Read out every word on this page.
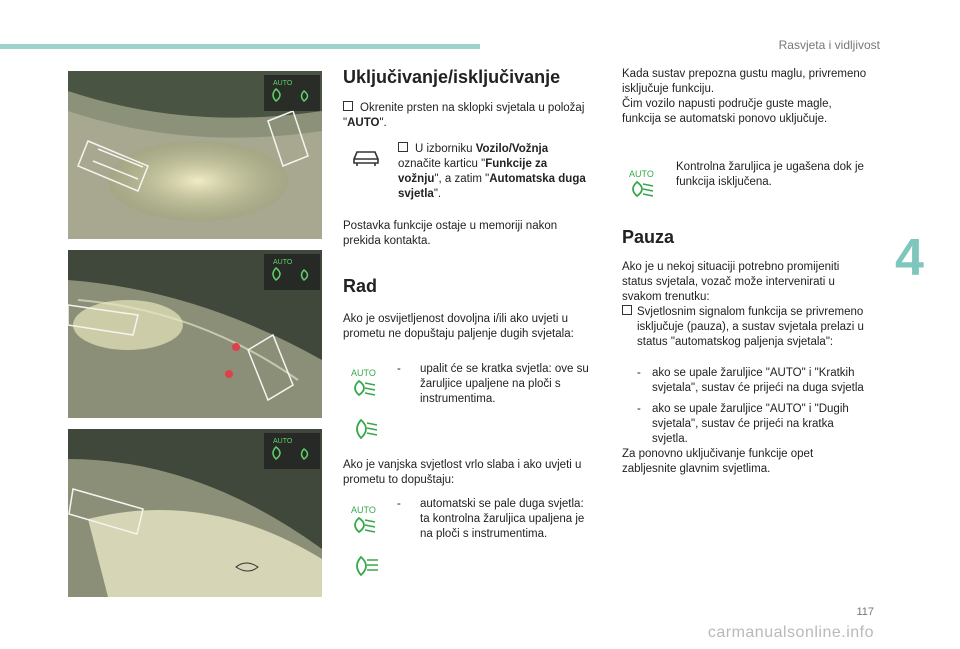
Rasvjeta i vidljivost
4
AUTO
AUTO
AUTO
Uključivanje/isključivanje
Okrenite prsten na sklopki svjetala u položaj "AUTO".
U izborniku Vozilo/Vožnja označite karticu "Funkcije za vožnju", a zatim "Automatska duga svjetla".
Postavka funkcije ostaje u memoriji nakon prekida kontakta.
Rad
Ako je osvijetljenost dovoljna i/ili ako uvjeti u prometu ne dopuštaju paljenje dugih svjetala:
AUTO -	upalit će se kratka svjetla: ove su žaruljice upaljene na ploči s instrumentima.
Ako je vanjska svjetlost vrlo slaba i ako uvjeti u prometu to dopuštaju:
AUTO -	automatski se pale duga svjetla: ta kontrolna žaruljica upaljena je na ploči s instrumentima.
Kada sustav prepozna gustu maglu, privremeno isključuje funkciju.
Čim vozilo napusti područje guste magle, funkcija se automatski ponovo uključuje.
AUTO
Kontrolna žaruljica je ugašena dok je funkcija isključena.
Pauza
Ako je u nekoj situaciji potrebno promijeniti status svjetala, vozač može intervenirati u svakom trenutku:
Svjetlosnim signalom funkcija se privremeno isključuje (pauza), a sustav svjetala prelazi u status "automatskog paljenja svjetala":
- ako se upale žaruljice "AUTO" i "Kratkih svjetala", sustav će prijeći na duga svjetla
- ako se upale žaruljice "AUTO" i "Dugih svjetala", sustav će prijeći na kratka svjetla.
Za ponovno uključivanje funkcije opet zabljesnite glavnim svjetlima.
117
carmanualsonline.info
